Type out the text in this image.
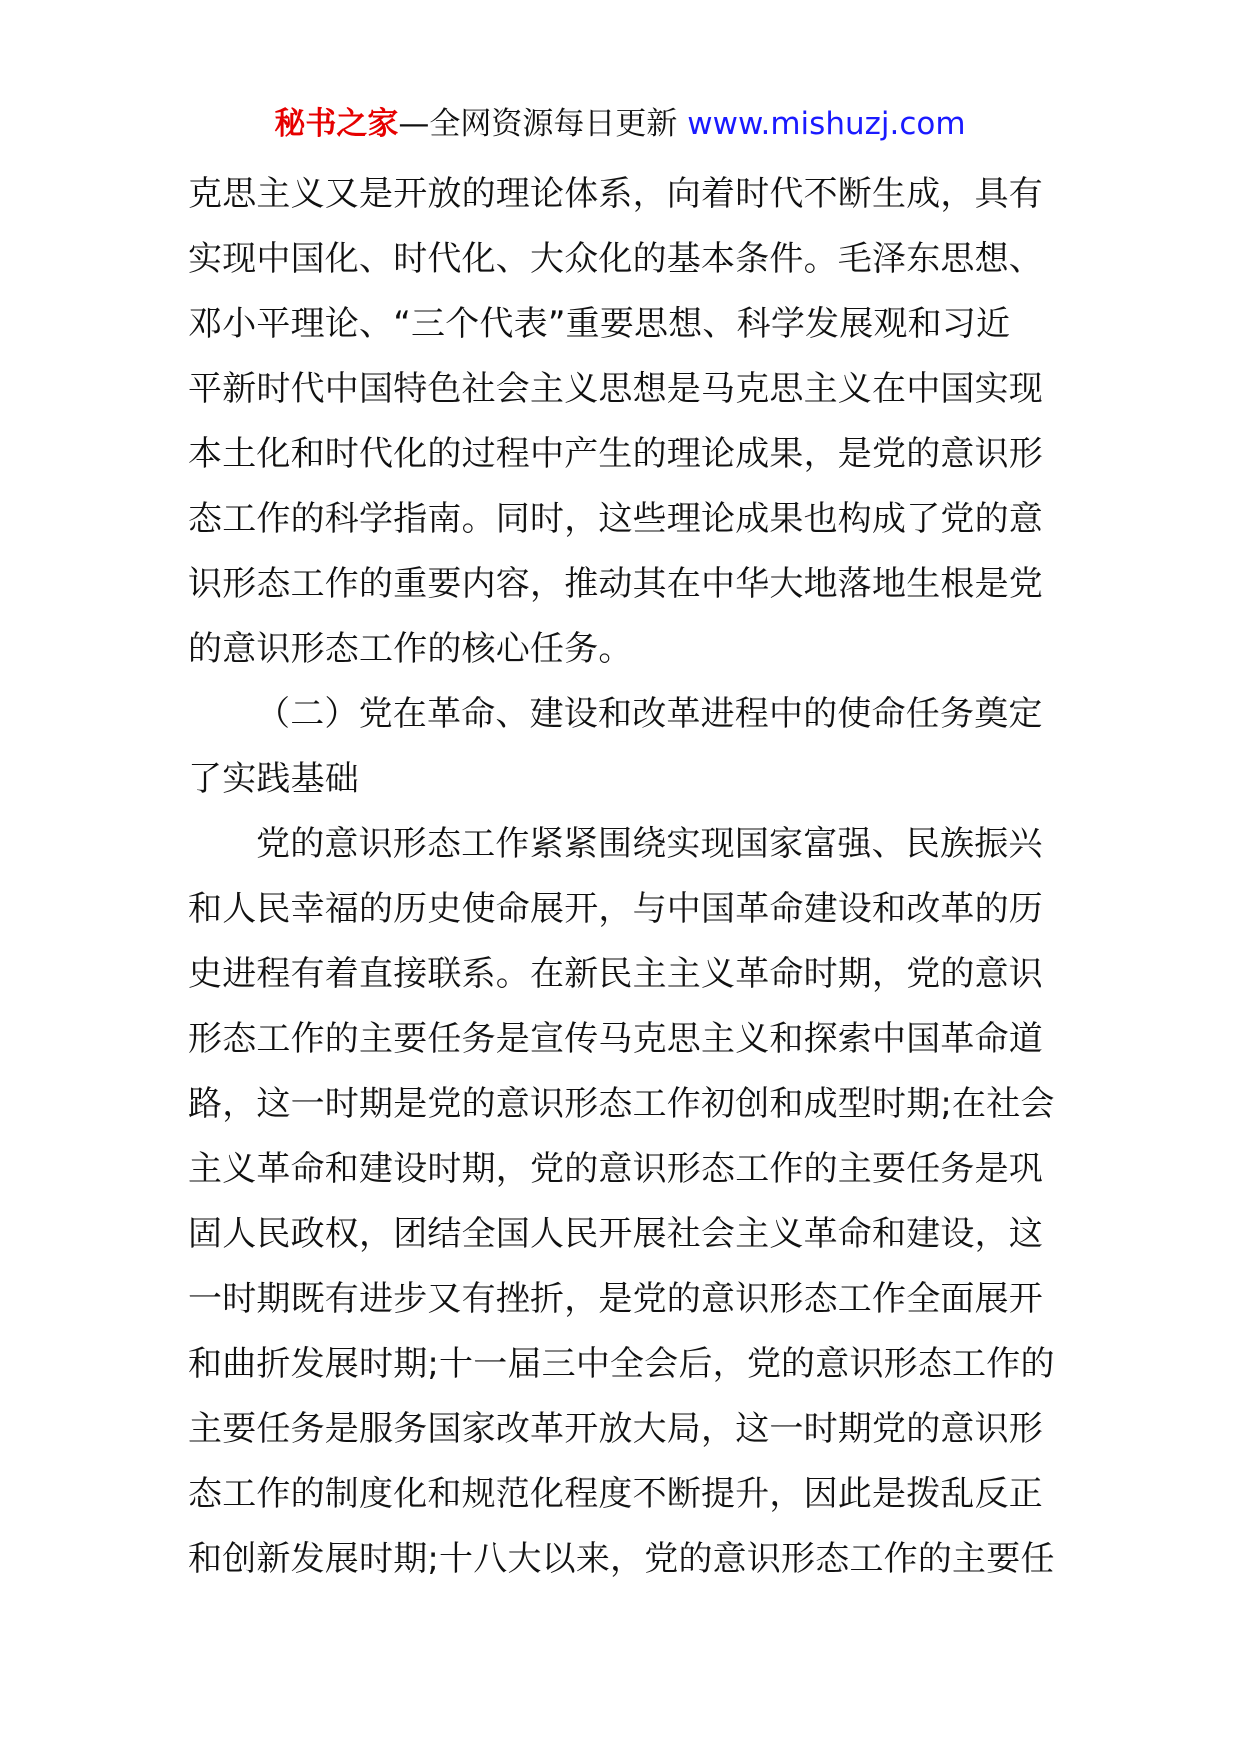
秘书之家—全网资源每日更新 www.mishuzj.com
克思主义又是开放的理论体系，向着时代不断生成，具有
实现中国化、时代化、大众化的基本条件。毛泽东思想、
邓小平理论、“三个代表”重要思想、科学发展观和习近
平新时代中国特色社会主义思想是马克思主义在中国实现
本土化和时代化的过程中产生的理论成果，是党的意识形
态工作的科学指南。同时，这些理论成果也构成了党的意
识形态工作的重要内容，推动其在中华大地落地生根是党
的意识形态工作的核心任务。
（二）党在革命、建设和改革进程中的使命任务奠定
了实践基础
党的意识形态工作紧紧围绕实现国家富强、民族振兴
和人民幸福的历史使命展开，与中国革命建设和改革的历
史进程有着直接联系。在新民主主义革命时期，党的意识
形态工作的主要任务是宣传马克思主义和探索中国革命道
路，这一时期是党的意识形态工作初创和成型时期;在社会
主义革命和建设时期，党的意识形态工作的主要任务是巩
固人民政权，团结全国人民开展社会主义革命和建设，这
一时期既有进步又有挫折，是党的意识形态工作全面展开
和曲折发展时期;十一届三中全会后，党的意识形态工作的
主要任务是服务国家改革开放大局，这一时期党的意识形
态工作的制度化和规范化程度不断提升，因此是拨乱反正
和创新发展时期;十八大以来，党的意识形态工作的主要任
